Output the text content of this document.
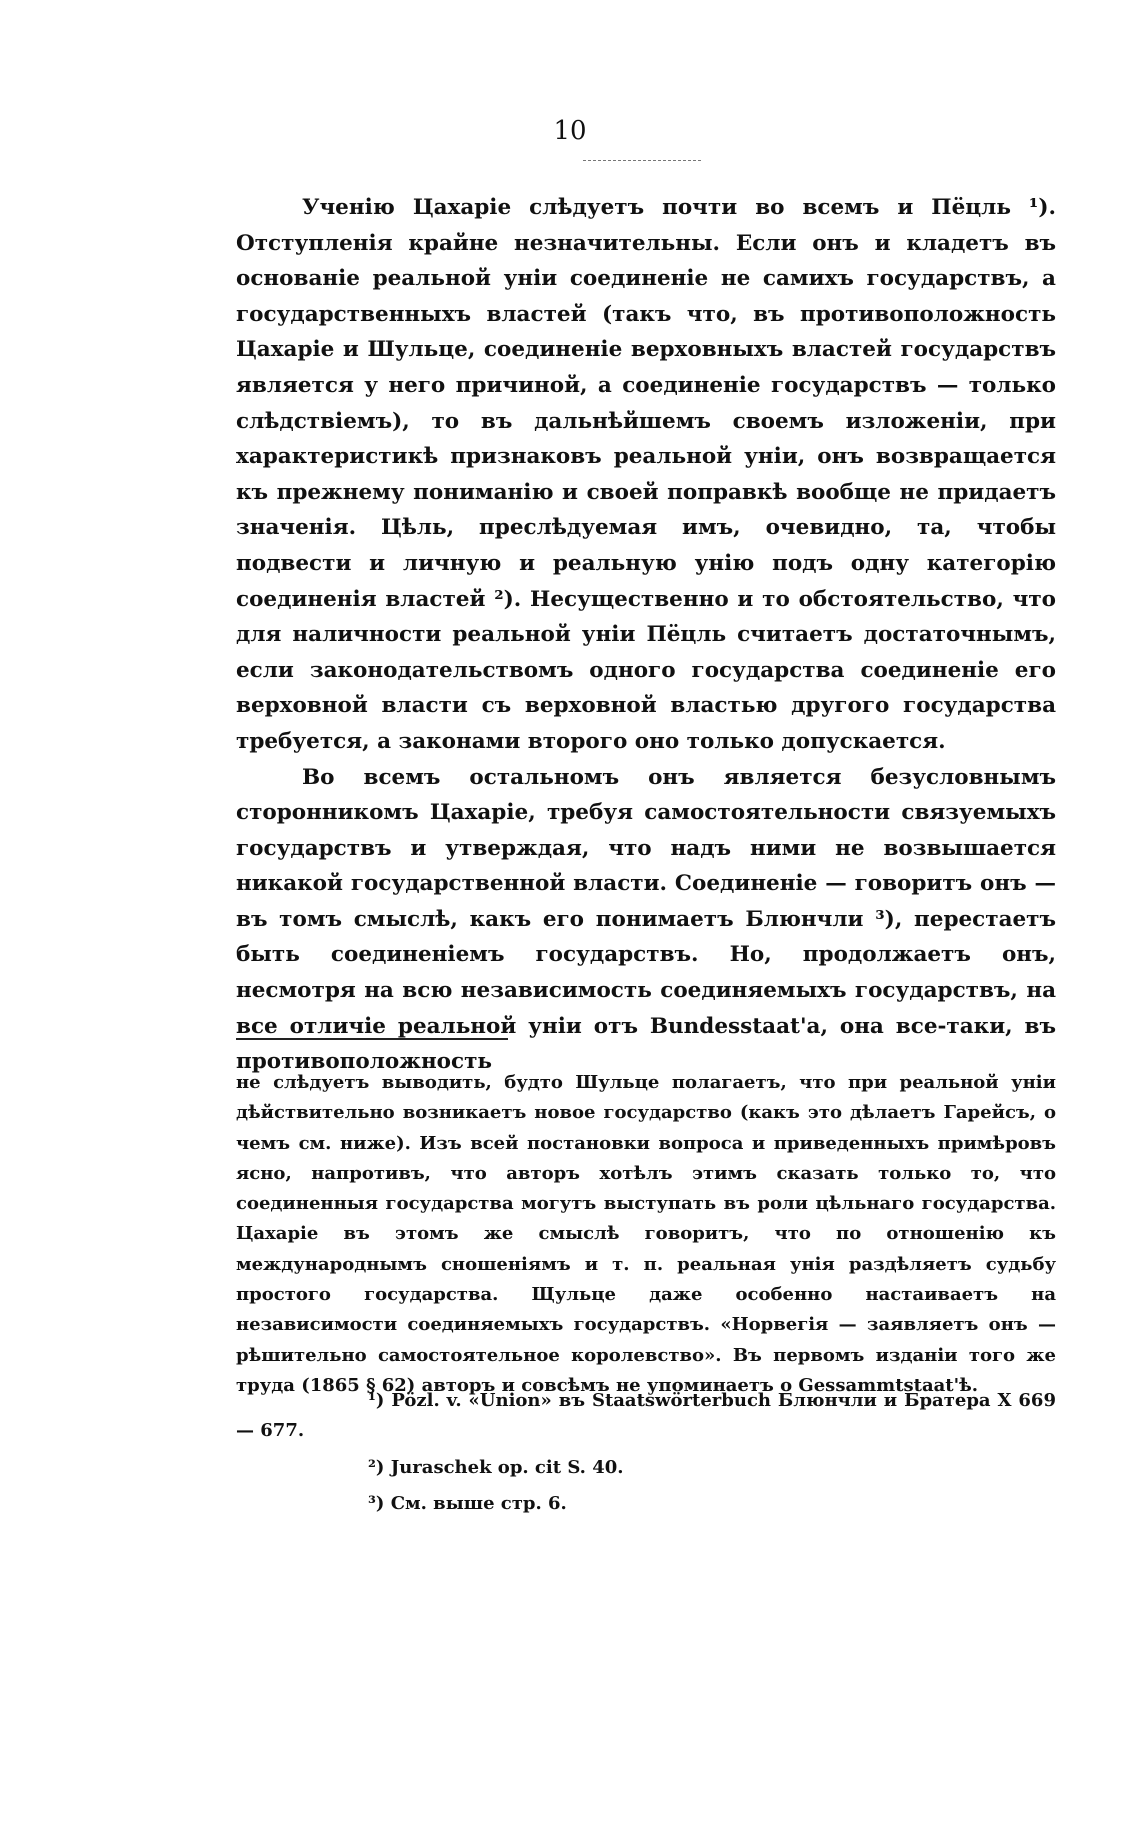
10

Ученiю Цахарiе слѣдуетъ почти во всемъ и Пёцль ¹). Отступленiя крайне незначительны. Если онъ и кладетъ въ основанiе реальной унiи соединенiе не самихъ государствъ, а государственныхъ властей (такъ что, въ противоположность Цахарiе и Шульце, соединенiе верховныхъ властей государствъ является у него причиной, а соединенiе государствъ — только слѣдствiемъ), то въ дальнѣйшемъ своемъ изложенiи, при характеристикѣ признаковъ реальной унiи, онъ возвращается къ прежнему пониманiю и своей поправкѣ вообще не придаетъ значенiя. Цѣль, преслѣдуемая имъ, очевидно, та, чтобы подвести и личную и реальную унiю подъ одну категорiю соединенiя властей ²). Несущественно и то обстоятельство, что для наличности реальной унiи Пёцль считаетъ достаточнымъ, если законодательствомъ одного государства соединенiе его верховной власти съ верховной властью другого государства требуется, а законами второго оно только допускается.

Во всемъ остальномъ онъ является безусловнымъ сторонникомъ Цахарiе, требуя самостоятельности связуемыхъ государствъ и утверждая, что надъ ними не возвышается никакой государственной власти. Соединенiе — говоритъ онъ — въ томъ смыслѣ, какъ его понимаетъ Блюнчли ³), перестаетъ быть соединенiемъ государствъ. Но, продолжаетъ онъ, несмотря на всю независимость соединяемыхъ государствъ, на все отличiе реальной унiи отъ Bundesstaat'а, она все-таки, въ противоположность

не слѣдуетъ выводить, будто Шульце полагаетъ, что при реальной унiи дѣйствительно возникаетъ новое государство (какъ это дѣлаетъ Гарейсъ, о чемъ см. ниже). Изъ всей постановки вопроса и приведенныхъ примѣровъ ясно, напротивъ, что авторъ хотѣлъ этимъ сказать только то, что соединенныя государства могутъ выступать въ роли цѣльнаго государства. Цахарiе въ этомъ же смыслѣ говоритъ, что по отношенiю къ международнымъ сношенiямъ и т. п. реальная унiя раздѣляетъ судьбу простого государства. Щульце даже особенно настаиваетъ на независимости соединяемыхъ государствъ. «Норвегiя — заявляетъ онъ — рѣшительно самостоятельное королевство». Въ первомъ изданiи того же труда (1865 § 62) авторъ и совсѣмъ не упоминаетъ о Gessammtstaat'ѣ.

¹) Pözl. v. «Union» въ Staatswörterbuch Блюнчли и Братера X 669 — 677.

²) Juraschek op. cit S. 40.

³) См. выше стр. 6.
